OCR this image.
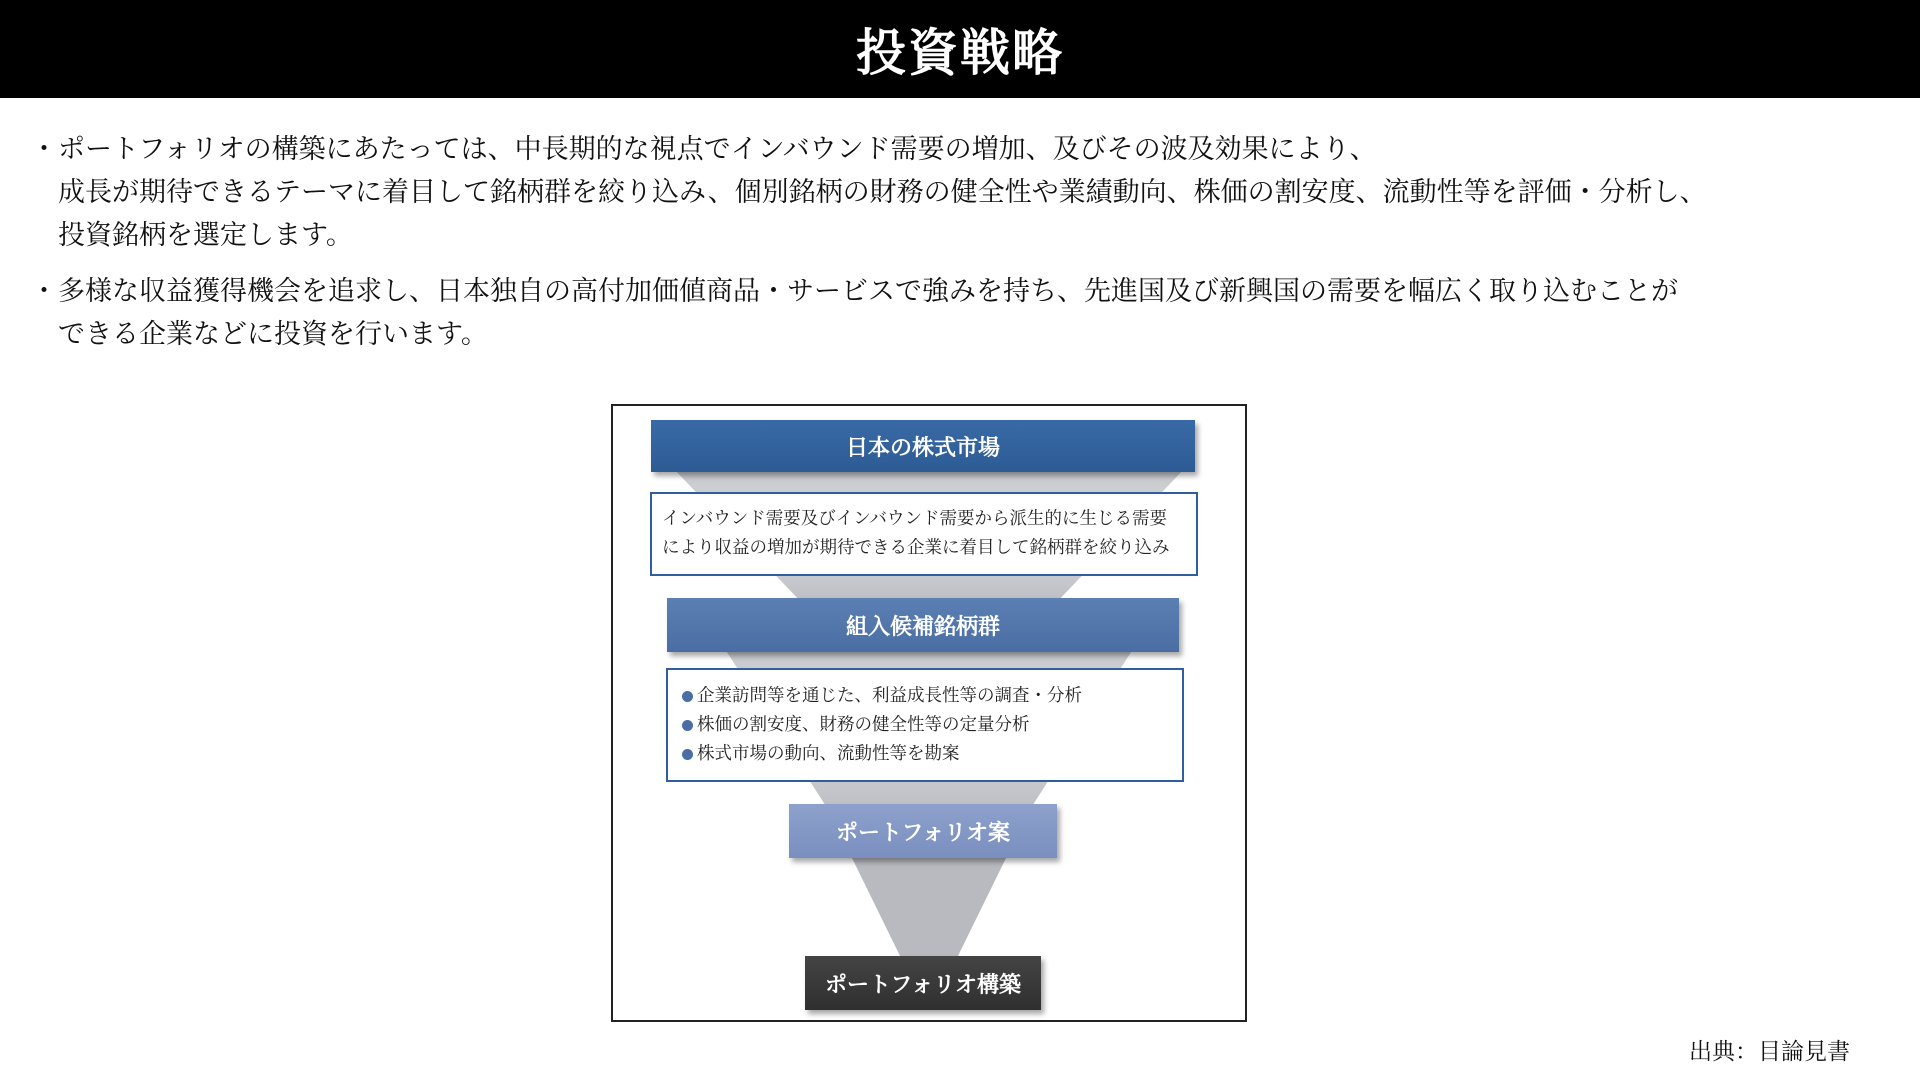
投資戦略
・ ポートフォリオの構築にあたっては、中長期的な視点でインバウンド需要の増加、及びその波及効果により、
成長が期待できるテーマに着目して銘柄群を絞り込み、個別銘柄の財務の健全性や業績動向、株価の割安度、流動性等を評価・分析し、
投資銘柄を選定します。
・ 多様な収益獲得機会を追求し、日本独自の高付加価値商品・サービスで強みを持ち、先進国及び新興国の需要を幅広く取り込むことが
できる企業などに投資を行います。
日本の株式市場
インバウンド需要及びインバウンド需要から派生的に生じる需要
により収益の増加が期待できる企業に着目して銘柄群を絞り込み
組入候補銘柄群
企業訪問等を通じた、利益成長性等の調査・分析
株価の割安度、財務の健全性等の定量分析
株式市場の動向、流動性等を勘案
ポートフォリオ案
ポートフォリオ構築
出典：目論見書
